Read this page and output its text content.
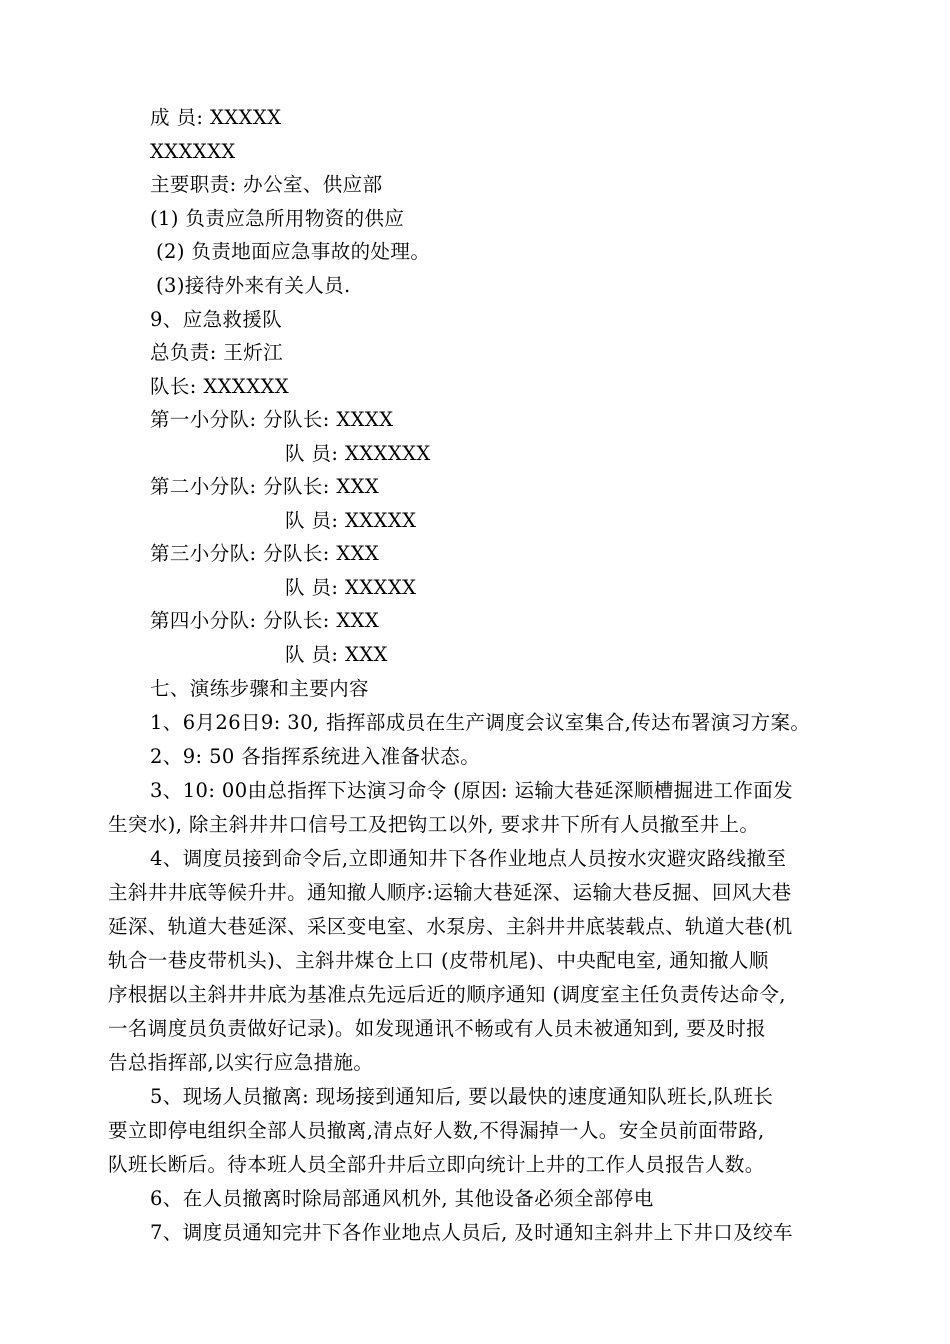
成 员: XXXXX
XXXXXX
主要职责: 办公室、供应部
(1) 负责应急所用物资的供应
(2) 负责地面应急事故的处理。
(3)接待外来有关人员.
9、应急救援队
总负责: 王炘江
队长: XXXXXX
第一小分队: 分队长: XXXX
队 员: XXXXXX
第二小分队: 分队长: XXX
队 员: XXXXX
第三小分队: 分队长: XXX
队 员: XXXXX
第四小分队: 分队长: XXX
队 员: XXX
七、演练步骤和主要内容
1、6月26日9: 30, 指挥部成员在生产调度会议室集合,传达布署演习方案。
2、9: 50 各指挥系统进入准备状态。
3、10: 00由总指挥下达演习命令 (原因: 运输大巷延深顺槽掘进工作面发
生突水), 除主斜井井口信号工及把钩工以外, 要求井下所有人员撤至井上。
4、调度员接到命令后,立即通知井下各作业地点人员按水灾避灾路线撤至
主斜井井底等候升井。通知撤人顺序:运输大巷延深、运输大巷反掘、回风大巷
延深、轨道大巷延深、采区变电室、水泵房、主斜井井底装载点、轨道大巷(机
轨合一巷皮带机头)、主斜井煤仓上口 (皮带机尾)、中央配电室, 通知撤人顺
序根据以主斜井井底为基准点先远后近的顺序通知 (调度室主任负责传达命令,
一名调度员负责做好记录)。如发现通讯不畅或有人员未被通知到, 要及时报
告总指挥部,以实行应急措施。
5、现场人员撤离: 现场接到通知后, 要以最快的速度通知队班长,队班长
要立即停电组织全部人员撤离,清点好人数,不得漏掉一人。安全员前面带路,
队班长断后。待本班人员全部升井后立即向统计上井的工作人员报告人数。
6、在人员撤离时除局部通风机外, 其他设备必须全部停电
7、调度员通知完井下各作业地点人员后, 及时通知主斜井上下井口及绞车
